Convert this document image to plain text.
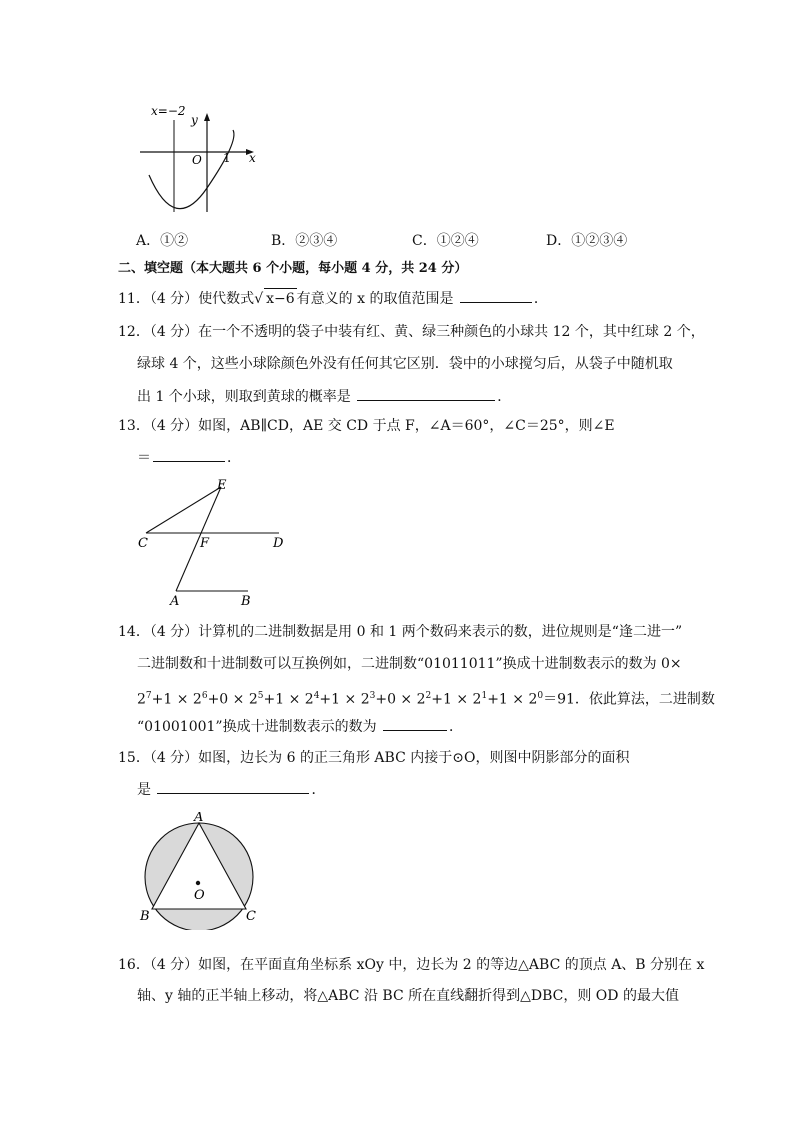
x=−2
y
x
O 1
A．①②	B．②③④	C．①②④	D．①②③④
二、填空题（本大题共 6 个小题，每小题 4 分，共 24 分）
11．（4 分）使代数式√ x−6 有意义的 x 的取值范围是	．
12．（4 分）在一个不透明的袋子中装有红、黄、绿三种颜色的小球共 12 个，其中红球 2 个，
绿球 4 个，这些小球除颜色外没有任何其它区别．袋中的小球搅匀后，从袋子中随机取
出 1 个小球，则取到黄球的概率是	．
13．（4 分）如图，AB∥CD，AE 交 CD 于点 F，∠A＝60°，∠C＝25°，则∠E
＝	．
E
C	F	D
A	B
14．（4 分）计算机的二进制数据是用 0 和 1 两个数码来表示的数，进位规则是“逢二进一”
二进制数和十进制数可以互换例如，二进制数“01011011”换成十进制数表示的数为 0×
$2^7+1 \times 2^6+0 \times 2^5+1 \times 2^4+1 \times 2^3+0 \times 2^2+1 \times 2^1+1 \times 2^0=91$．依此算法，二进制数
“01001001”换成十进制数表示的数为	．
15．（4 分）如图，边长为 6 的正三角形 ABC 内接于⊙O，则图中阴影部分的面积
是	．
A
B	C
O
16．（4 分）如图，在平面直角坐标系 xOy 中，边长为 2 的等边△ABC 的顶点 A、B 分别在 x
轴、y 轴的正半轴上移动，将△ABC 沿 BC 所在直线翻折得到△DBC，则 OD 的最大值
